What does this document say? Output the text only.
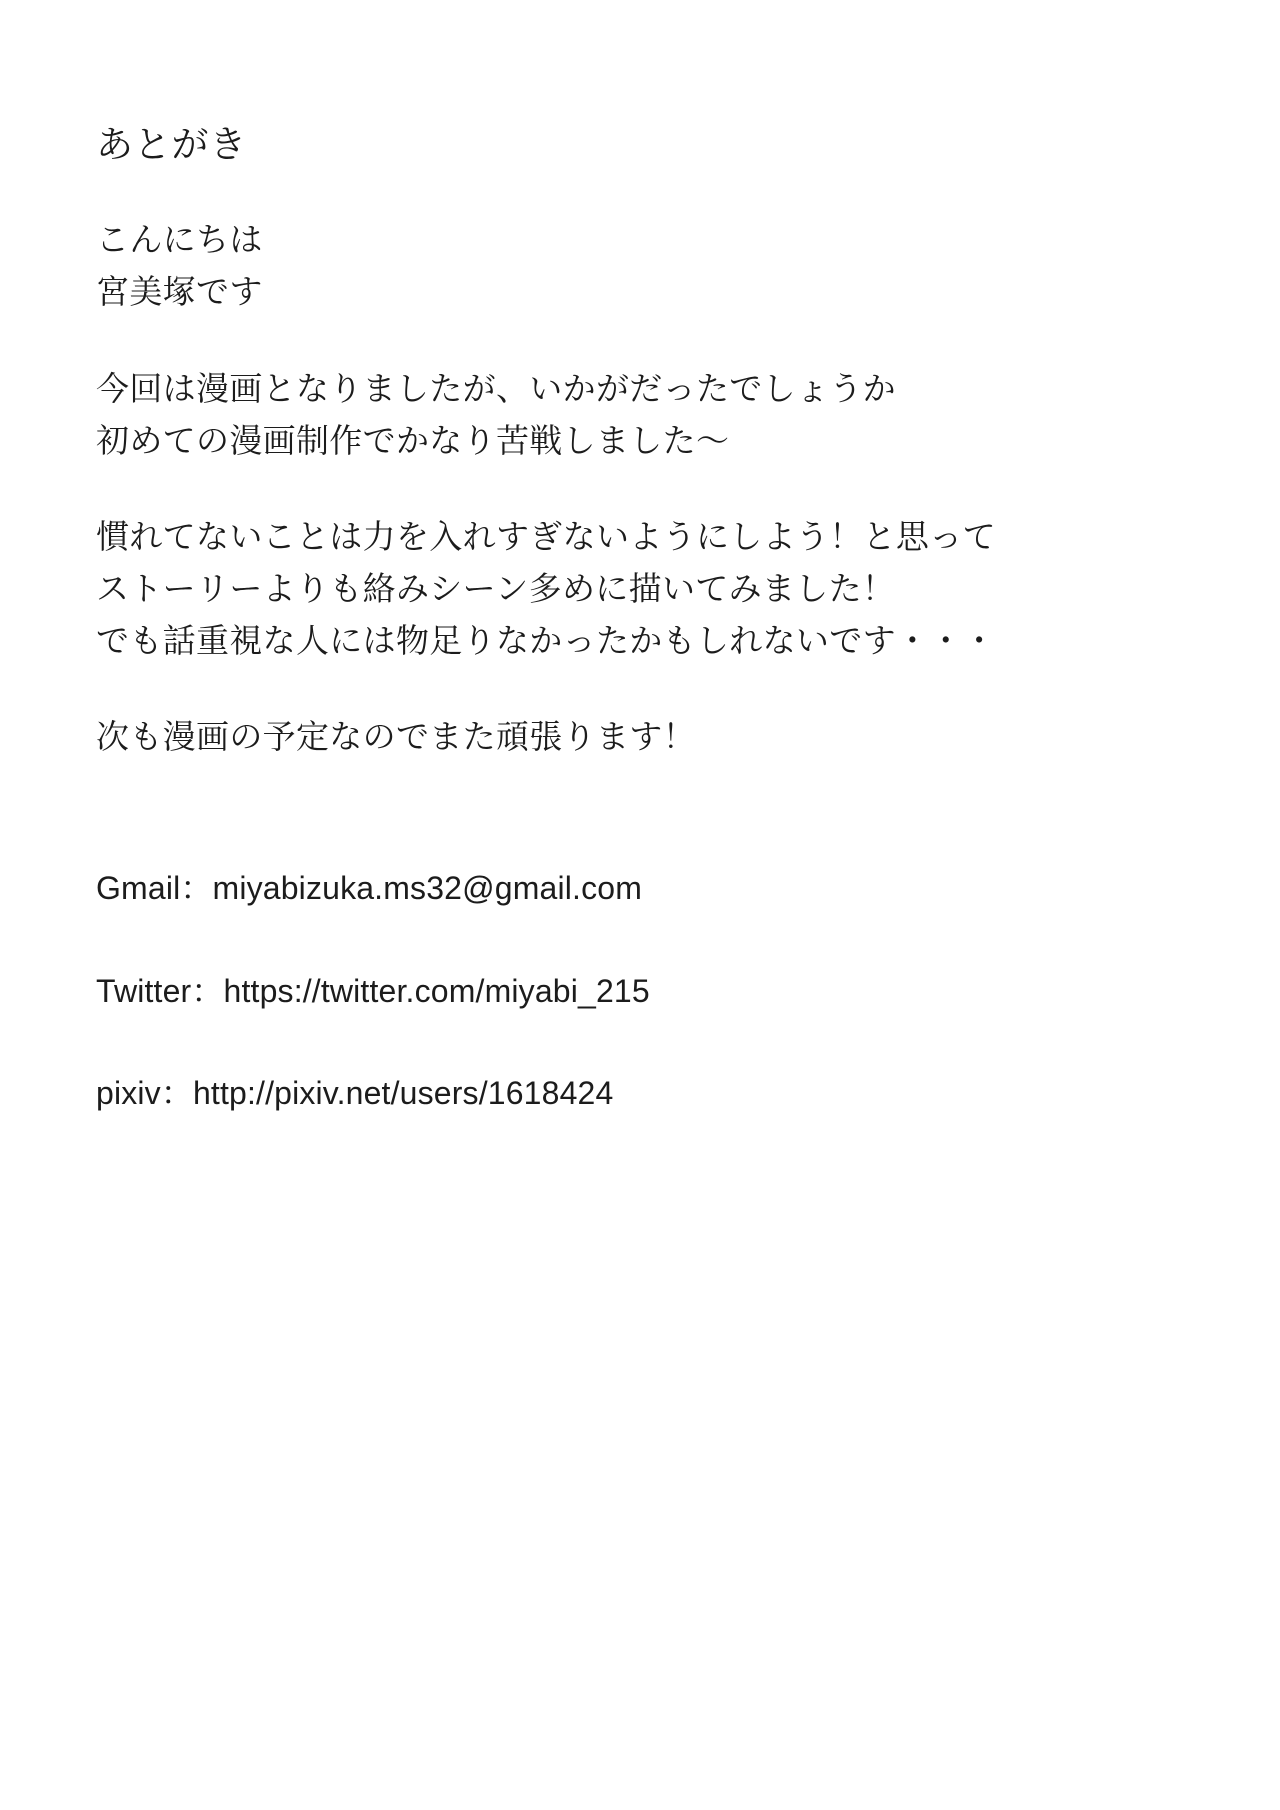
あとがき
こんにちは
宮美塚です
今回は漫画となりましたが、いかがだったでしょうか
初めての漫画制作でかなり苦戦しました～
慣れてないことは力を入れすぎないようにしよう！と思って
ストーリーよりも絡みシーン多めに描いてみました！
でも話重視な人には物足りなかったかもしれないです・・・
次も漫画の予定なのでまた頑張ります！
Gmail：miyabizuka.ms32@gmail.com
Twitter：https://twitter.com/miyabi_215
pixiv：http://pixiv.net/users/1618424
